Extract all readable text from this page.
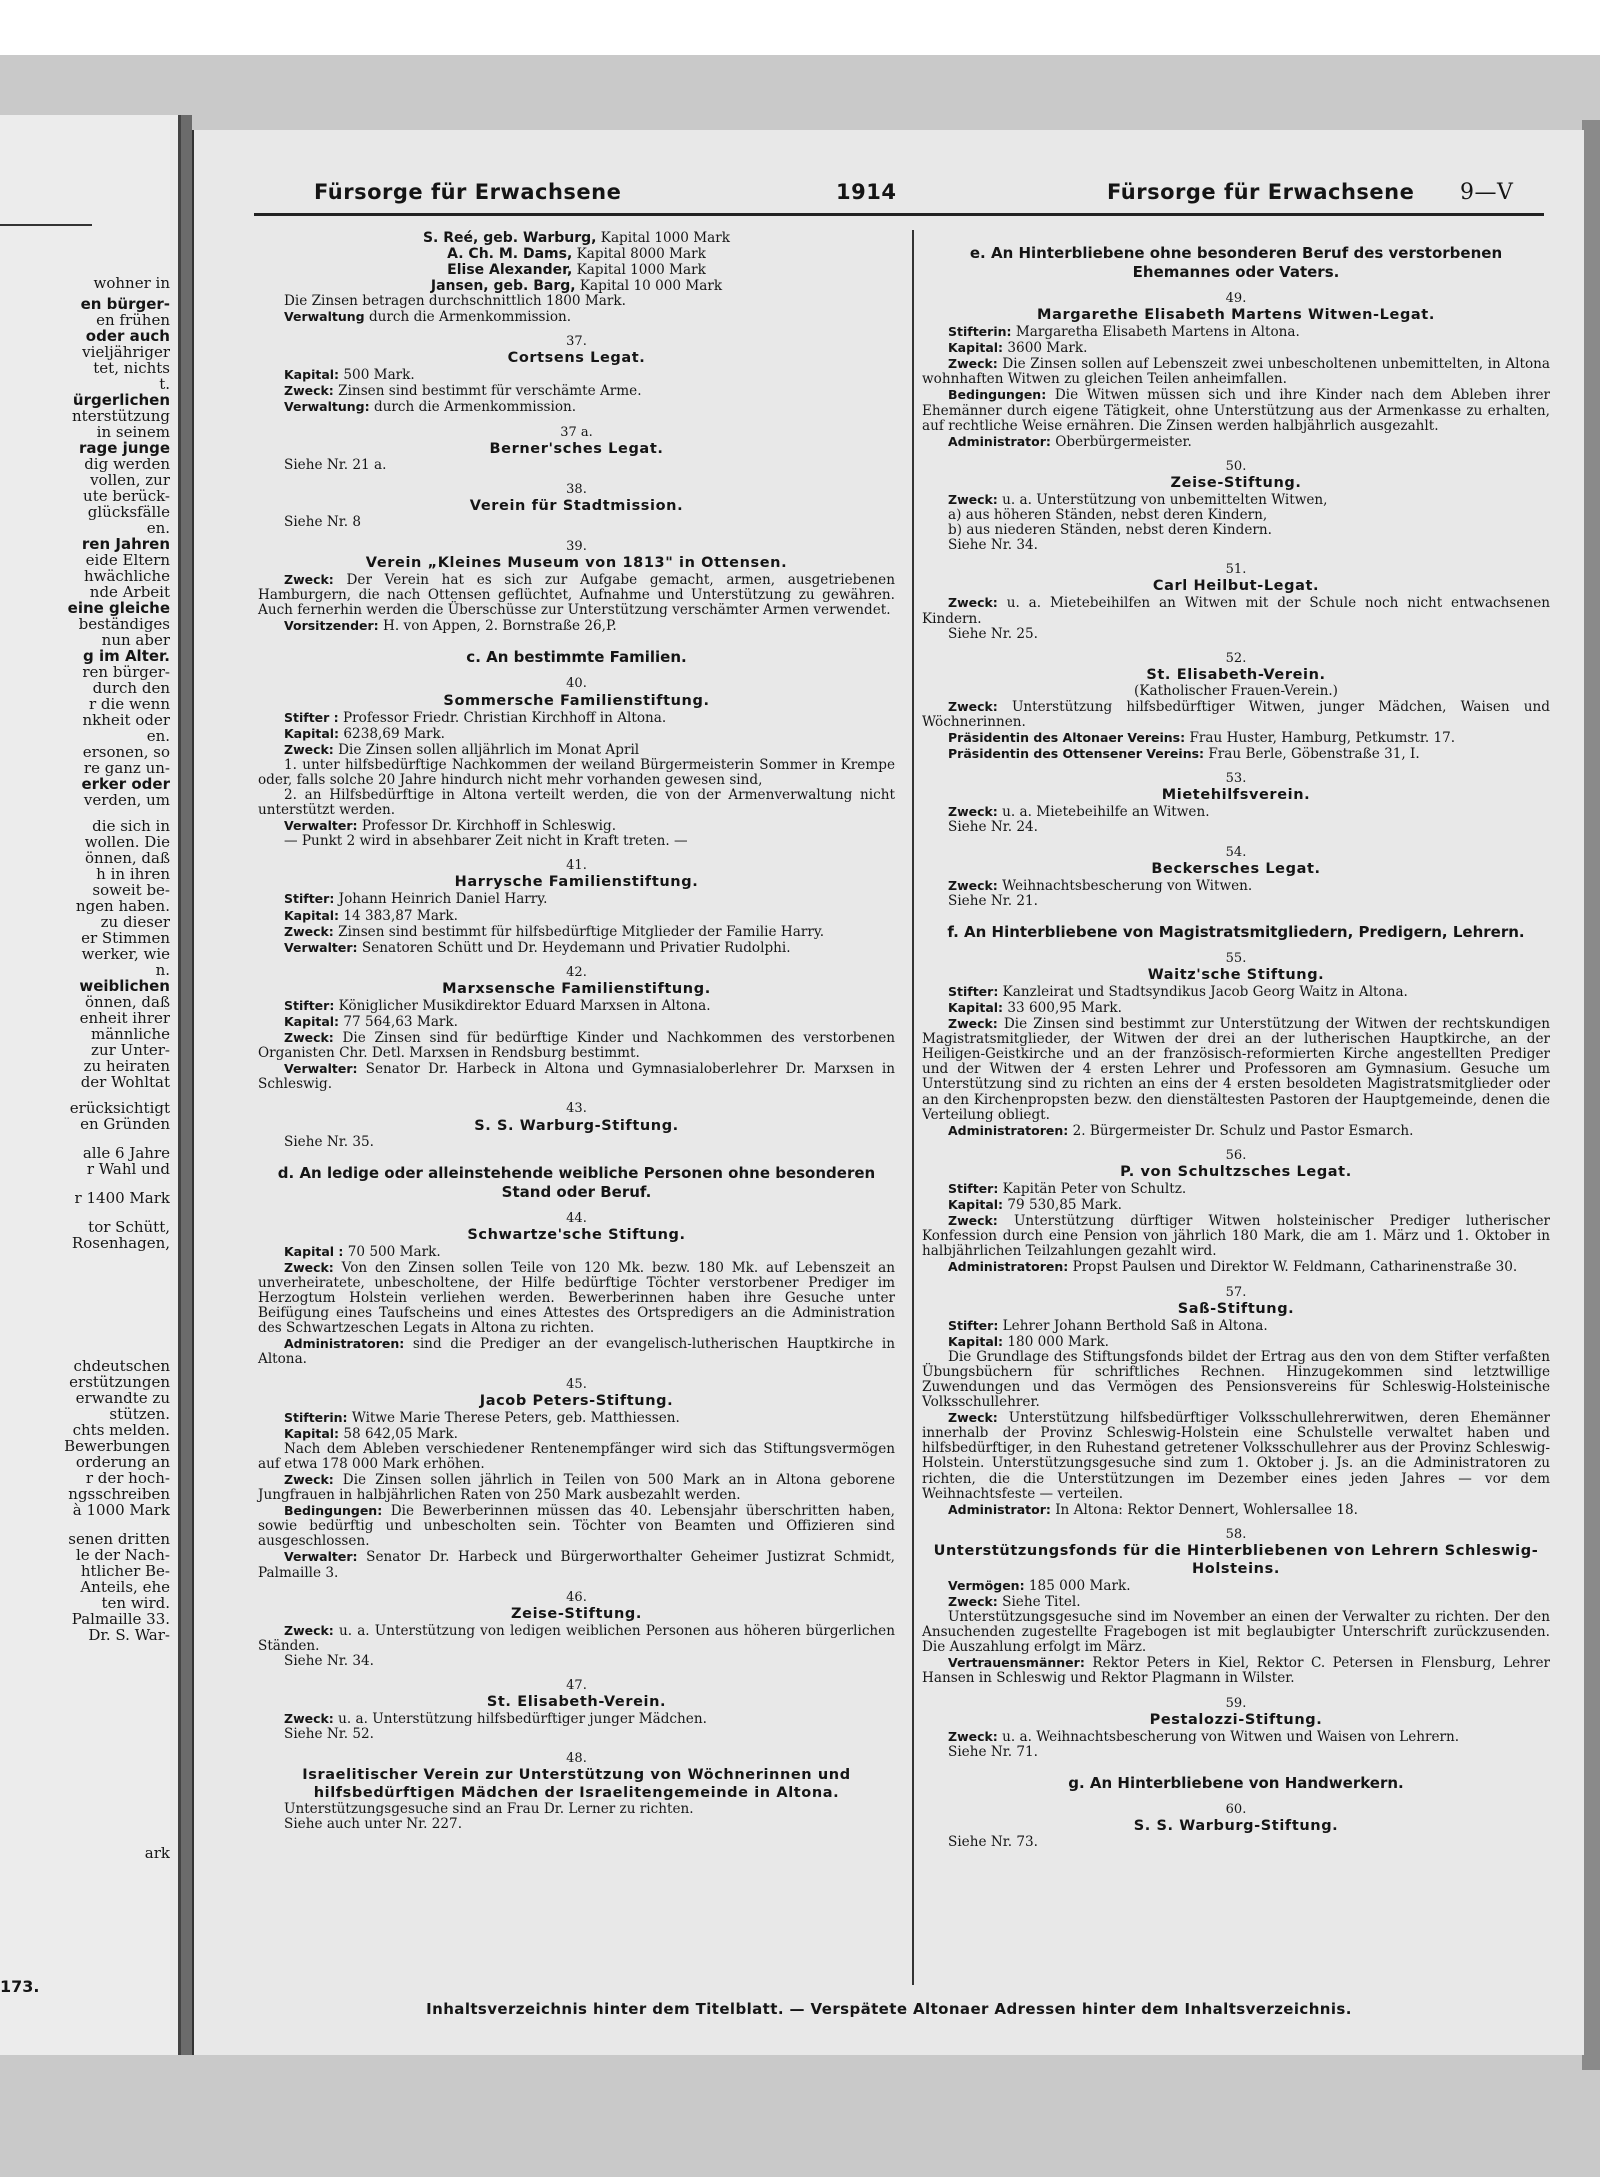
wohner in
en bürger-
en frühen
oder auch
vieljähriger
tet, nichts
t.
ürgerlichen
nterstützung
in seinem
rage junge
dig werden
vollen, zur
ute berück-
glücksfälle
en.
ren Jahren
eide Eltern
hwächliche
nde Arbeit
eine gleiche
beständiges
nun aber
g im Alter.
ren bürger-
durch den
r die wenn
nkheit oder
en.
ersonen, so
re ganz un-
erker oder
verden, um
die sich in
wollen. Die
önnen, daß
h in ihren
soweit be-
ngen haben.
zu dieser
er Stimmen
werker, wie
n.
weiblichen
önnen, daß
enheit ihrer
männliche
zur Unter-
zu heiraten
der Wohltat
erücksichtigt
en Gründen
alle 6 Jahre
r Wahl und
r 1400 Mark
tor Schütt,
Rosenhagen,
chdeutschen
erstützungen
erwandte zu
stützen.
chts melden.
Bewerbungen
orderung an
r der hoch-
ngsschreiben
à 1000 Mark
senen dritten
le der Nach-
htlicher Be-
Anteils, ehe
ten wird.
Palmaille 33.
Dr. S. War-
ark
173.
Fürsorge für Erwachsene	1914	Fürsorge für Erwachsene 9—V

S. Reé, geb. Warburg, Kapital 1000 Mark

A. Ch. M. Dams, Kapital 8000 Mark

Elise Alexander, Kapital 1000 Mark

Jansen, geb. Barg, Kapital 10 000 Mark

Die Zinsen betragen durchschnittlich 1800 Mark.

Verwaltung durch die Armenkommission.

37.

Cortsens Legat.

Kapital: 500 Mark.

Zweck: Zinsen sind bestimmt für verschämte Arme.

Verwaltung: durch die Armenkommission.

37 a.

Berner'sches Legat.

Siehe Nr. 21 a.

38.

Verein für Stadtmission.

Siehe Nr. 8

39.

Verein „Kleines Museum von 1813" in Ottensen.

Zweck: Der Verein hat es sich zur Aufgabe gemacht, armen, ausgetriebenen Hamburgern, die nach Ottensen geflüchtet, Aufnahme und Unterstützung zu gewähren. Auch fernerhin werden die Überschüsse zur Unterstützung verschämter Armen verwendet.

Vorsitzender: H. von Appen, 2. Bornstraße 26,P.

c. An bestimmte Familien.

40.

Sommersche Familienstiftung.

Stifter : Professor Friedr. Christian Kirchhoff in Altona.

Kapital: 6238,69 Mark.

Zweck: Die Zinsen sollen alljährlich im Monat April

1. unter hilfsbedürftige Nachkommen der weiland Bürgermeisterin Sommer in Krempe oder, falls solche 20 Jahre hindurch nicht mehr vorhanden gewesen sind,

2. an Hilfsbedürftige in Altona verteilt werden, die von der Armenverwaltung nicht unterstützt werden.

Verwalter: Professor Dr. Kirchhoff in Schleswig.

— Punkt 2 wird in absehbarer Zeit nicht in Kraft treten. —

41.

Harrysche Familienstiftung.

Stifter: Johann Heinrich Daniel Harry.

Kapital: 14 383,87 Mark.

Zweck: Zinsen sind bestimmt für hilfsbedürftige Mitglieder der Familie Harry.

Verwalter: Senatoren Schütt und Dr. Heydemann und Privatier Rudolphi.

42.

Marxsensche Familienstiftung.

Stifter: Königlicher Musikdirektor Eduard Marxsen in Altona.

Kapital: 77 564,63 Mark.

Zweck: Die Zinsen sind für bedürftige Kinder und Nachkommen des verstorbenen Organisten Chr. Detl. Marxsen in Rendsburg bestimmt.

Verwalter: Senator Dr. Harbeck in Altona und Gymnasialoberlehrer Dr. Marxsen in Schleswig.

43.

S. S. Warburg-Stiftung.

Siehe Nr. 35.

d. An ledige oder alleinstehende weibliche Personen ohne besonderen Stand oder Beruf.

44.

Schwartze'sche Stiftung.

Kapital : 70 500 Mark.

Zweck: Von den Zinsen sollen Teile von 120 Mk. bezw. 180 Mk. auf Lebenszeit an unverheiratete, unbescholtene, der Hilfe bedürftige Töchter verstorbener Prediger im Herzogtum Holstein verliehen werden. Bewerberinnen haben ihre Gesuche unter Beifügung eines Taufscheins und eines Attestes des Ortspredigers an die Administration des Schwartzeschen Legats in Altona zu richten.

Administratoren: sind die Prediger an der evangelisch-lutherischen Hauptkirche in Altona.

45.

Jacob Peters-Stiftung.

Stifterin: Witwe Marie Therese Peters, geb. Matthiessen.

Kapital: 58 642,05 Mark.

Nach dem Ableben verschiedener Rentenempfänger wird sich das Stiftungsvermögen auf etwa 178 000 Mark erhöhen.

Zweck: Die Zinsen sollen jährlich in Teilen von 500 Mark an in Altona geborene Jungfrauen in halbjährlichen Raten von 250 Mark ausbezahlt werden.

Bedingungen: Die Bewerberinnen müssen das 40. Lebensjahr überschritten haben, sowie bedürftig und unbescholten sein. Töchter von Beamten und Offizieren sind ausgeschlossen.

Verwalter: Senator Dr. Harbeck und Bürgerworthalter Geheimer Justizrat Schmidt, Palmaille 3.

46.

Zeise-Stiftung.

Zweck: u. a. Unterstützung von ledigen weiblichen Personen aus höheren bürgerlichen Ständen.

Siehe Nr. 34.

47.

St. Elisabeth-Verein.

Zweck: u. a. Unterstützung hilfsbedürftiger junger Mädchen.

Siehe Nr. 52.

48.

Israelitischer Verein zur Unterstützung von Wöchnerinnen und hilfsbedürftigen Mädchen der Israelitengemeinde in Altona.

Unterstützungsgesuche sind an Frau Dr. Lerner zu richten.

Siehe auch unter Nr. 227.

e. An Hinterbliebene ohne besonderen Beruf des verstorbenen Ehemannes oder Vaters.

49.

Margarethe Elisabeth Martens Witwen-Legat.

Stifterin: Margaretha Elisabeth Martens in Altona.

Kapital: 3600 Mark.

Zweck: Die Zinsen sollen auf Lebenszeit zwei unbescholtenen unbemittelten, in Altona wohnhaften Witwen zu gleichen Teilen anheimfallen.

Bedingungen: Die Witwen müssen sich und ihre Kinder nach dem Ableben ihrer Ehemänner durch eigene Tätigkeit, ohne Unterstützung aus der Armenkasse zu erhalten, auf rechtliche Weise ernähren. Die Zinsen werden halbjährlich ausgezahlt.

Administrator: Oberbürgermeister.

50.

Zeise-Stiftung.

Zweck: u. a. Unterstützung von unbemittelten Witwen,

a) aus höheren Ständen, nebst deren Kindern,

b) aus niederen Ständen, nebst deren Kindern.

Siehe Nr. 34.

51.

Carl Heilbut-Legat.

Zweck: u. a. Mietebeihilfen an Witwen mit der Schule noch nicht entwachsenen Kindern.

Siehe Nr. 25.

52.

St. Elisabeth-Verein.

(Katholischer Frauen-Verein.)

Zweck: Unterstützung hilfsbedürftiger Witwen, junger Mädchen, Waisen und Wöchnerinnen.

Präsidentin des Altonaer Vereins: Frau Huster, Hamburg, Petkumstr. 17.

Präsidentin des Ottensener Vereins: Frau Berle, Göbenstraße 31, I.

53.

Mietehilfsverein.

Zweck: u. a. Mietebeihilfe an Witwen.

Siehe Nr. 24.

54.

Beckersches Legat.

Zweck: Weihnachtsbescherung von Witwen.

Siehe Nr. 21.

f. An Hinterbliebene von Magistratsmitgliedern, Predigern, Lehrern.

55.

Waitz'sche Stiftung.

Stifter: Kanzleirat und Stadtsyndikus Jacob Georg Waitz in Altona.

Kapital: 33 600,95 Mark.

Zweck: Die Zinsen sind bestimmt zur Unterstützung der Witwen der rechtskundigen Magistratsmitglieder, der Witwen der drei an der lutherischen Hauptkirche, an der Heiligen-Geistkirche und an der französisch-reformierten Kirche angestellten Prediger und der Witwen der 4 ersten Lehrer und Professoren am Gymnasium. Gesuche um Unterstützung sind zu richten an eins der 4 ersten besoldeten Magistratsmitglieder oder an den Kirchenpropsten bezw. den dienstältesten Pastoren der Hauptgemeinde, denen die Verteilung obliegt.

Administratoren: 2. Bürgermeister Dr. Schulz und Pastor Esmarch.

56.

P. von Schultzsches Legat.

Stifter: Kapitän Peter von Schultz.

Kapital: 79 530,85 Mark.

Zweck: Unterstützung dürftiger Witwen holsteinischer Prediger lutherischer Konfession durch eine Pension von jährlich 180 Mark, die am 1. März und 1. Oktober in halbjährlichen Teilzahlungen gezahlt wird.

Administratoren: Propst Paulsen und Direktor W. Feldmann, Catharinenstraße 30.

57.

Saß-Stiftung.

Stifter: Lehrer Johann Berthold Saß in Altona.

Kapital: 180 000 Mark.

Die Grundlage des Stiftungsfonds bildet der Ertrag aus den von dem Stifter verfaßten Übungsbüchern für schriftliches Rechnen. Hinzugekommen sind letztwillige Zuwendungen und das Vermögen des Pensionsvereins für Schleswig-Holsteinische Volksschullehrer.

Zweck: Unterstützung hilfsbedürftiger Volksschullehrerwitwen, deren Ehemänner innerhalb der Provinz Schleswig-Holstein eine Schulstelle verwaltet haben und hilfsbedürftiger, in den Ruhestand getretener Volksschullehrer aus der Provinz Schleswig-Holstein. Unterstützungsgesuche sind zum 1. Oktober j. Js. an die Administratoren zu richten, die die Unterstützungen im Dezember eines jeden Jahres — vor dem Weihnachtsfeste — verteilen.

Administrator: In Altona: Rektor Dennert, Wohlersallee 18.

58.

Unterstützungsfonds für die Hinterbliebenen von Lehrern Schleswig-Holsteins.

Vermögen: 185 000 Mark.

Zweck: Siehe Titel.

Unterstützungsgesuche sind im November an einen der Verwalter zu richten. Der den Ansuchenden zugestellte Fragebogen ist mit beglaubigter Unterschrift zurückzusenden. Die Auszahlung erfolgt im März.

Vertrauensmänner: Rektor Peters in Kiel, Rektor C. Petersen in Flensburg, Lehrer Hansen in Schleswig und Rektor Plagmann in Wilster.

59.

Pestalozzi-Stiftung.

Zweck: u. a. Weihnachtsbescherung von Witwen und Waisen von Lehrern.

Siehe Nr. 71.

g. An Hinterbliebene von Handwerkern.

60.

S. S. Warburg-Stiftung.

Siehe Nr. 73.

Inhaltsverzeichnis hinter dem Titelblatt. — Verspätete Altonaer Adressen hinter dem Inhaltsverzeichnis.
